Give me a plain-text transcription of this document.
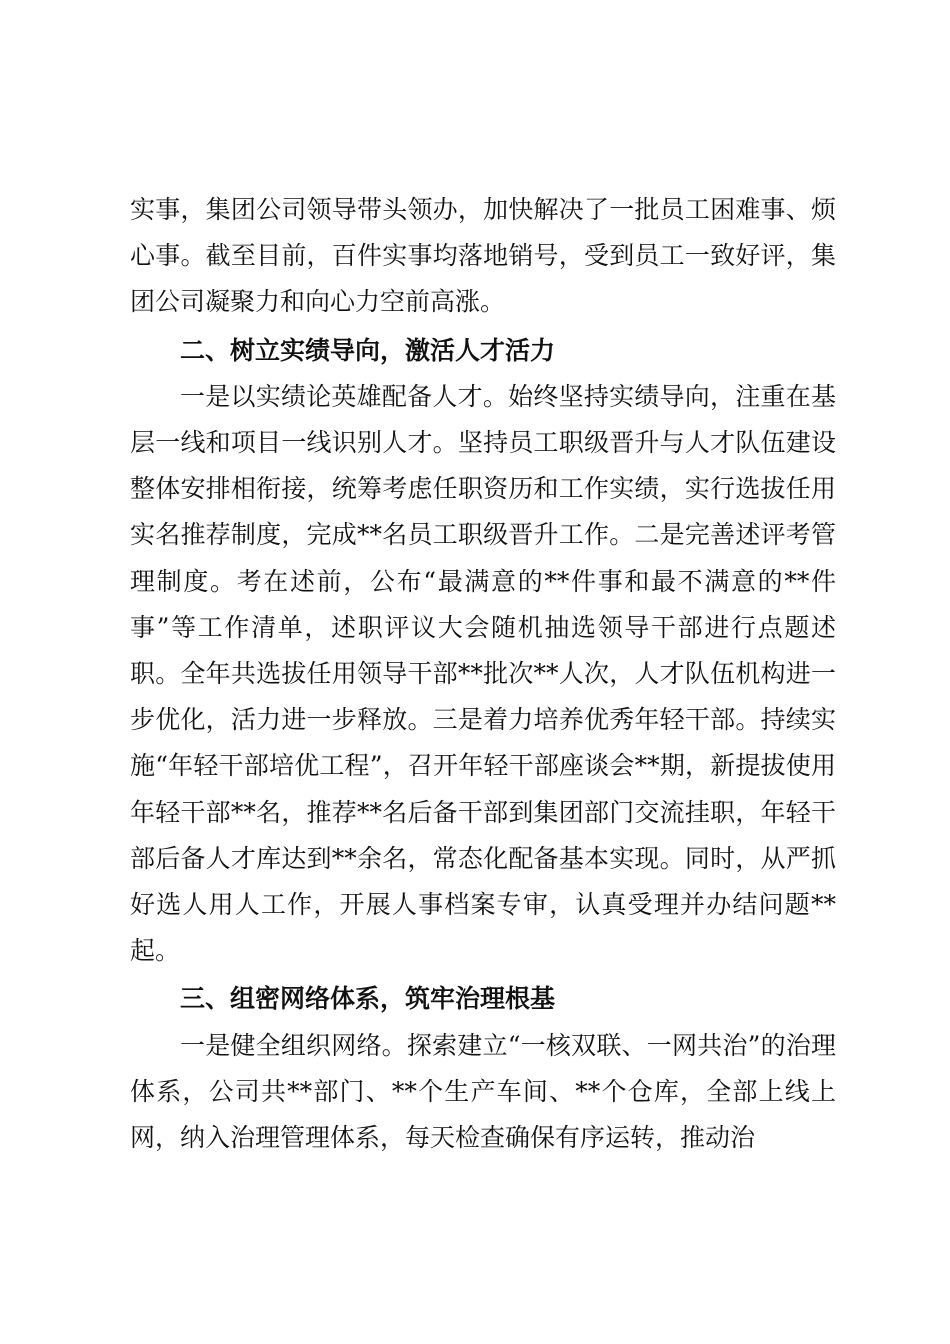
实事，集团公司领导带头领办，加快解决了一批员工困难事、烦心事。截至目前，百件实事均落地销号，受到员工一致好评，集团公司凝聚力和向心力空前高涨。

二、树立实绩导向，激活人才活力

一是以实绩论英雄配备人才。始终坚持实绩导向，注重在基层一线和项目一线识别人才。坚持员工职级晋升与人才队伍建设整体安排相衔接，统筹考虑任职资历和工作实绩，实行选拔任用实名推荐制度，完成**名员工职级晋升工作。二是完善述评考管理制度。考在述前，公布“最满意的**件事和最不满意的**件事”等工作清单，述职评议大会随机抽选领导干部进行点题述职。全年共选拔任用领导干部**批次**人次，人才队伍机构进一步优化，活力进一步释放。三是着力培养优秀年轻干部。持续实施“年轻干部培优工程”，召开年轻干部座谈会**期，新提拔使用年轻干部**名，推荐**名后备干部到集团部门交流挂职，年轻干部后备人才库达到**余名，常态化配备基本实现。同时，从严抓好选人用人工作，开展人事档案专审，认真受理并办结问题**起。

三、组密网络体系，筑牢治理根基

一是健全组织网络。探索建立“一核双联、一网共治”的治理体系，公司共**部门、**个生产车间、**个仓库，全部上线上网，纳入治理管理体系，每天检查确保有序运转，推动治
